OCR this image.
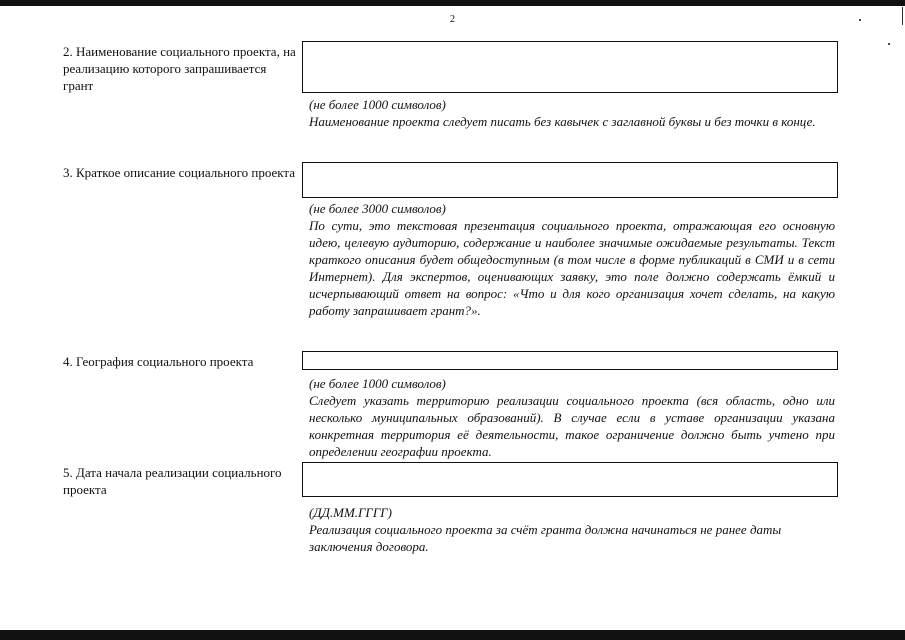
2
2. Наименование социального проекта, на реализацию которого запрашивается грант
(не более 1000 символов)
Наименование проекта следует писать без кавычек с заглавной буквы и без точки в конце.
3. Краткое описание социального проекта
(не более 3000 символов)
По сути, это текстовая презентация социального проекта, отражающая его основную идею, целевую аудиторию, содержание и наиболее значимые ожидаемые результаты. Текст краткого описания будет общедоступным (в том числе в форме публикаций в СМИ и в сети Интернет). Для экспертов, оценивающих заявку, это поле должно содержать ёмкий и исчерпывающий ответ на вопрос: «Что и для кого организация хочет сделать, на какую работу запрашивает грант?».
4. География социального проекта
(не более 1000 символов)
Следует указать территорию реализации социального проекта (вся область, одно или несколько муниципальных образований). В случае если в уставе организации указана конкретная территория её деятельности, такое ограничение должно быть учтено при определении географии проекта.
5. Дата начала реализации социального проекта
(ДД.ММ.ГГГГ)
Реализация социального проекта за счёт гранта должна начинаться не ранее даты заключения договора.
